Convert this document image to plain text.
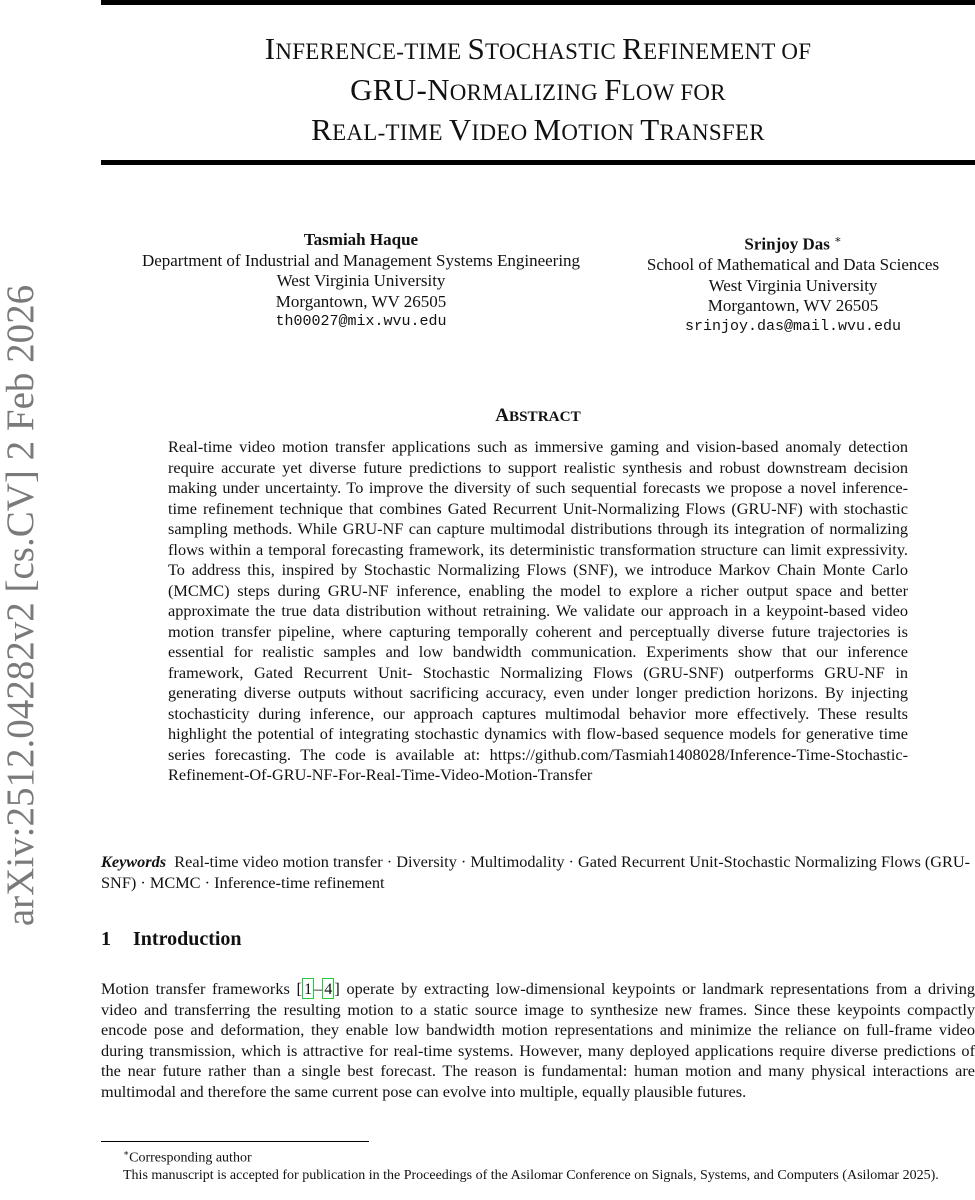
arXiv:2512.04282v2 [cs.CV] 2 Feb 2026
INFERENCE-TIME STOCHASTIC REFINEMENT OF
GRU-NORMALIZING FLOW FOR
REAL-TIME VIDEO MOTION TRANSFER
Tasmiah Haque
Department of Industrial and Management Systems Engineering
West Virginia University
Morgantown, WV 26505
th00027@mix.wvu.edu
Srinjoy Das ∗
School of Mathematical and Data Sciences
West Virginia University
Morgantown, WV 26505
srinjoy.das@mail.wvu.edu
ABSTRACT
Real-time video motion transfer applications such as immersive gaming and vision-based anomaly detection require accurate yet diverse future predictions to support realistic synthesis and robust downstream decision making under uncertainty. To improve the diversity of such sequential forecasts we propose a novel inference-time refinement technique that combines Gated Recurrent Unit-Normalizing Flows (GRU-NF) with stochastic sampling methods. While GRU-NF can capture multimodal distributions through its integration of normalizing flows within a temporal forecasting framework, its deterministic transformation structure can limit expressivity. To address this, inspired by Stochastic Normalizing Flows (SNF), we introduce Markov Chain Monte Carlo (MCMC) steps during GRU-NF inference, enabling the model to explore a richer output space and better approximate the true data distribution without retraining. We validate our approach in a keypoint-based video motion transfer pipeline, where capturing temporally coherent and perceptually diverse future trajectories is essential for realistic samples and low bandwidth communication. Experiments show that our inference framework, Gated Recurrent Unit- Stochastic Normalizing Flows (GRU-SNF) outperforms GRU-NF in generating diverse outputs without sacrificing accuracy, even under longer prediction horizons. By injecting stochasticity during inference, our approach captures multimodal behavior more effectively. These results highlight the potential of integrating stochastic dynamics with flow-based sequence models for generative time series forecasting. The code is available at: https://github.com/Tasmiah1408028/Inference-Time-Stochastic-Refinement-Of-GRU-NF-For-Real-Time-Video-Motion-Transfer
Keywords Real-time video motion transfer · Diversity · Multimodality · Gated Recurrent Unit-Stochastic Normalizing Flows (GRU-SNF) · MCMC · Inference-time refinement
1 Introduction
Motion transfer frameworks [ 1 – 4 ] operate by extracting low-dimensional keypoints or landmark representations from a driving video and transferring the resulting motion to a static source image to synthesize new frames. Since these keypoints compactly encode pose and deformation, they enable low bandwidth motion representations and minimize the reliance on full-frame video during transmission, which is attractive for real-time systems. However, many deployed applications require diverse predictions of the near future rather than a single best forecast. The reason is fundamental: human motion and many physical interactions are multimodal and therefore the same current pose can evolve into multiple, equally plausible futures.
∗Corresponding author
This manuscript is accepted for publication in the Proceedings of the Asilomar Conference on Signals, Systems, and Computers (Asilomar 2025).
